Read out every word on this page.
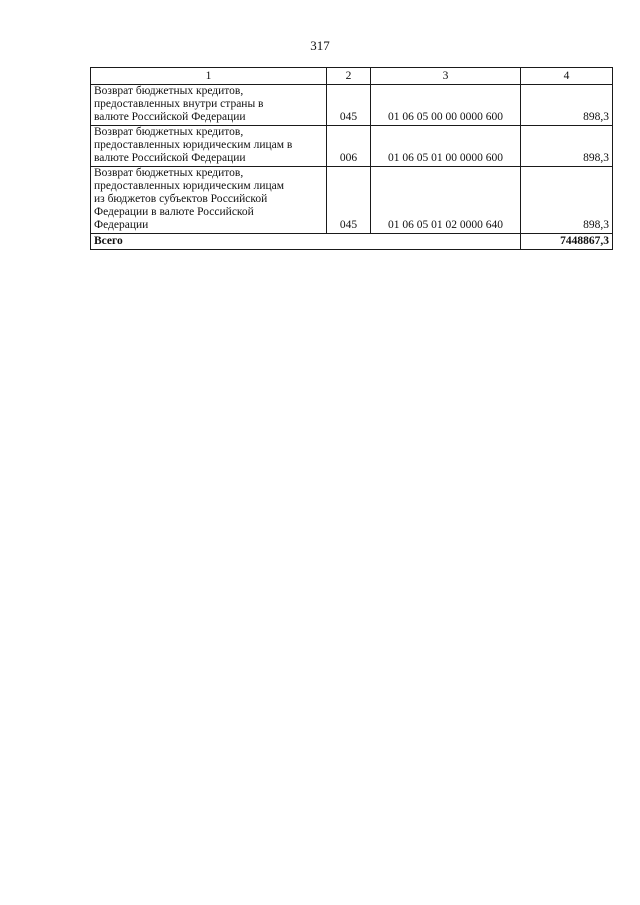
317
1	2	3	4

Возврат бюджетных кредитов,
предоставленных внутри страны в
валюте Российской Федерации	045	01 06 05 00 00 0000 600	898,3

Возврат бюджетных кредитов,
предоставленных юридическим лицам в
валюте Российской Федерации	006	01 06 05 01 00 0000 600	898,3

Возврат бюджетных кредитов,
предоставленных юридическим лицам
из бюджетов субъектов Российской
Федерации в валюте Российской
Федерации	045	01 06 05 01 02 0000 640	898,3
Всего			7448867,3
